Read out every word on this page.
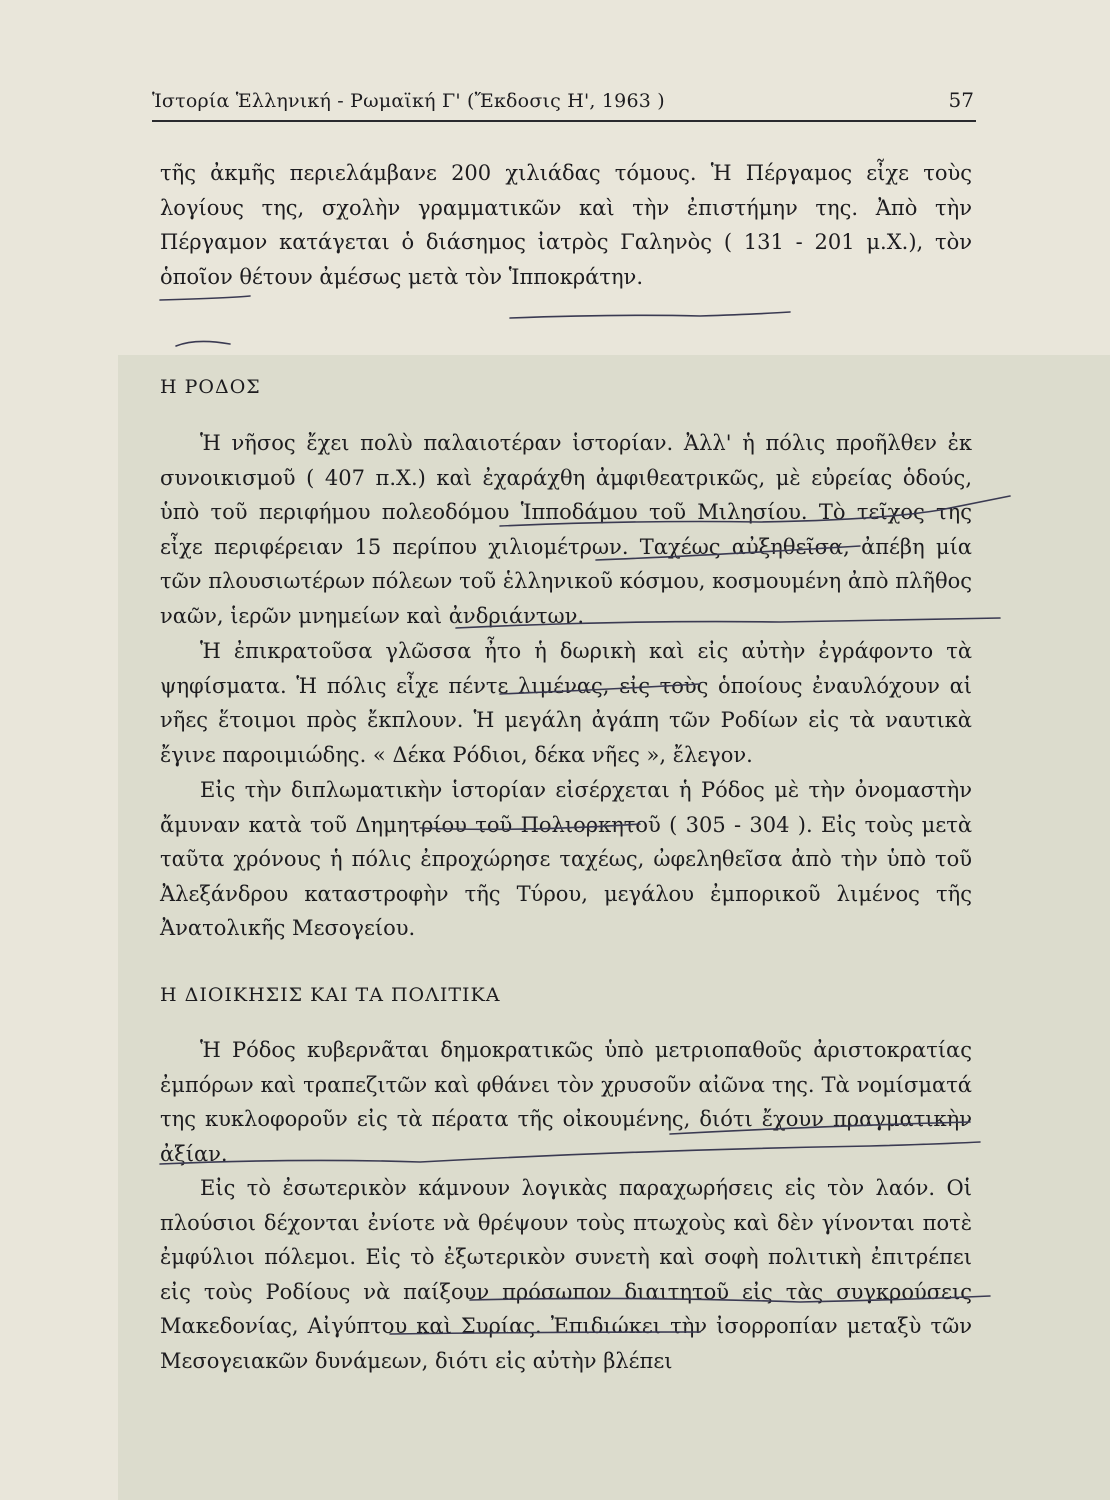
Ἱστορία Ἑλληνική - Ρωμαϊκή Γ' (Ἔκδοσις Η', 1963 )	57

τῆς ἀκμῆς περιελάμβανε 200 χιλιάδας τόμους. Ἡ Πέργαμος εἶχε τοὺς λογίους της, σχολὴν γραμματικῶν καὶ τὴν ἐπιστήμην της. Ἀπὸ τὴν Πέργαμον κατάγεται ὁ διάσημος ἰατρὸς Γαληνὸς ( 131 - 201 μ.Χ.), τὸν ὁποῖον θέτουν ἀμέσως μετὰ τὸν Ἱπποκράτην.

Η ΡΟΔΟΣ

Ἡ νῆσος ἔχει πολὺ παλαιοτέραν ἱστορίαν. Ἀλλ' ἡ πόλις προῆλθεν ἐκ συνοικισμοῦ ( 407 π.Χ.) καὶ ἐχαράχθη ἀμφιθεατρικῶς, μὲ εὐρείας ὁδούς, ὑπὸ τοῦ περιφήμου πολεοδόμου Ἱπποδάμου τοῦ Μιλησίου. Τὸ τεῖχος της εἶχε περιφέρειαν 15 περίπου χιλιομέτρων. Ταχέως αὐξηθεῖσα, ἀπέβη μία τῶν πλουσιωτέρων πόλεων τοῦ ἑλληνικοῦ κόσμου, κοσμουμένη ἀπὸ πλῆθος ναῶν, ἱερῶν μνημείων καὶ ἀνδριάντων.

Ἡ ἐπικρατοῦσα γλῶσσα ἦτο ἡ δωρικὴ καὶ εἰς αὐτὴν ἐγράφοντο τὰ ψηφίσματα. Ἡ πόλις εἶχε πέντε λιμένας, εἰς τοὺς ὁποίους ἐναυλόχουν αἱ νῆες ἕτοιμοι πρὸς ἔκπλουν. Ἡ μεγάλη ἀγάπη τῶν Ροδίων εἰς τὰ ναυτικὰ ἔγινε παροιμιώδης. « Δέκα Ρόδιοι, δέκα νῆες », ἔλεγον.

Εἰς τὴν διπλωματικὴν ἱστορίαν εἰσέρχεται ἡ Ρόδος μὲ τὴν ὀνομαστὴν ἄμυναν κατὰ τοῦ Δημητρίου τοῦ Πολιορκητοῦ ( 305 - 304 ). Εἰς τοὺς μετὰ ταῦτα χρόνους ἡ πόλις ἐπροχώρησε ταχέως, ὠφεληθεῖσα ἀπὸ τὴν ὑπὸ τοῦ Ἀλεξάνδρου καταστροφὴν τῆς Τύρου, μεγάλου ἐμπορικοῦ λιμένος τῆς Ἀνατολικῆς Μεσογείου.

Η ΔΙΟΙΚΗΣΙΣ ΚΑΙ ΤΑ ΠΟΛΙΤΙΚΑ

Ἡ Ρόδος κυβερνᾶται δημοκρατικῶς ὑπὸ μετριοπαθοῦς ἀριστοκρατίας ἐμπόρων καὶ τραπεζιτῶν καὶ φθάνει τὸν χρυσοῦν αἰῶνα της. Τὰ νομίσματά της κυκλοφοροῦν εἰς τὰ πέρατα τῆς οἰκουμένης, διότι ἔχουν πραγματικὴν ἀξίαν.

Εἰς τὸ ἐσωτερικὸν κάμνουν λογικὰς παραχωρήσεις εἰς τὸν λαόν. Οἱ πλούσιοι δέχονται ἐνίοτε νὰ θρέψουν τοὺς πτωχοὺς καὶ δὲν γίνονται ποτὲ ἐμφύλιοι πόλεμοι. Εἰς τὸ ἐξωτερικὸν συνετὴ καὶ σοφὴ πολιτικὴ ἐπιτρέπει εἰς τοὺς Ροδίους νὰ παίξουν πρόσωπον διαιτητοῦ εἰς τὰς συγκρούσεις Μακεδονίας, Αἰγύπτου καὶ Συρίας. Ἐπιδιώκει τὴν ἰσορροπίαν μεταξὺ τῶν Μεσογειακῶν δυνάμεων, διότι εἰς αὐτὴν βλέπει
